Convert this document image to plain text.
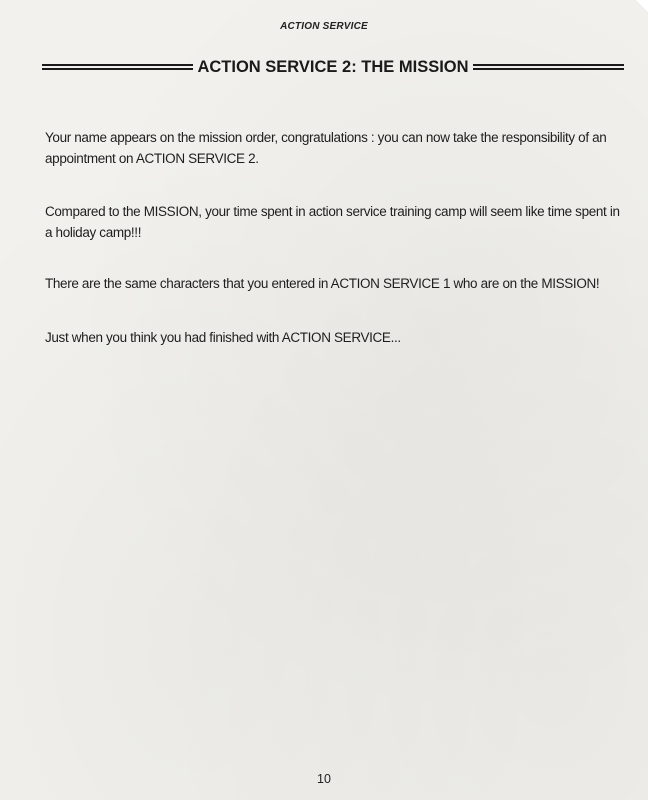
ACTION SERVICE
ACTION SERVICE 2: THE MISSION

Your name appears on the mission order, congratulations : you can now take the responsibility of an appointment on ACTION SERVICE 2.

Compared to the MISSION, your time spent in action service training camp will seem like time spent in a holiday camp!!!

There are the same characters that you entered in ACTION SERVICE 1 who are on the MISSION!

Just when you think you had finished with ACTION SERVICE...

10
